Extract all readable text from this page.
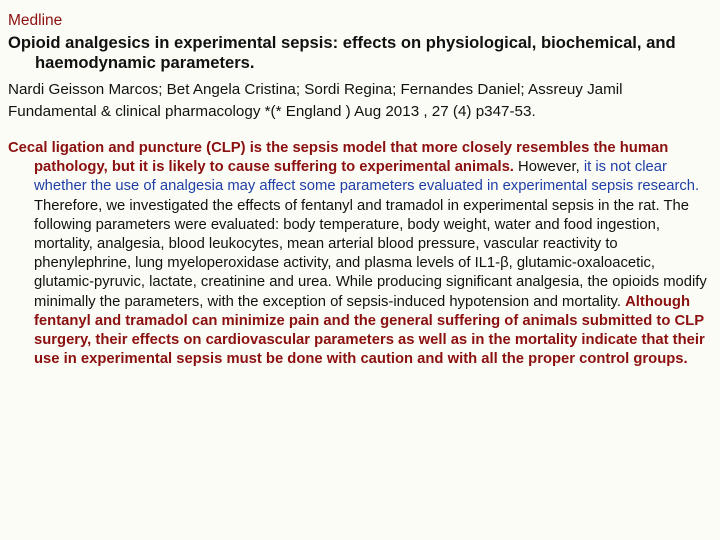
Medline

Opioid analgesics in experimental sepsis: effects on physiological, biochemical, and haemodynamic parameters.

Nardi Geisson Marcos; Bet Angela Cristina; Sordi Regina; Fernandes Daniel; Assreuy Jamil

Fundamental & clinical pharmacology *(* England ) Aug 2013 , 27 (4) p347-53.

Cecal ligation and puncture (CLP) is the sepsis model that more closely resembles the human pathology, but it is likely to cause suffering to experimental animals. However, it is not clear whether the use of analgesia may affect some parameters evaluated in experimental sepsis research. Therefore, we investigated the effects of fentanyl and tramadol in experimental sepsis in the rat. The following parameters were evaluated: body temperature, body weight, water and food ingestion, mortality, analgesia, blood leukocytes, mean arterial blood pressure, vascular reactivity to phenylephrine, lung myeloperoxidase activity, and plasma levels of IL1-β, glutamic-oxaloacetic, glutamic-pyruvic, lactate, creatinine and urea. While producing significant analgesia, the opioids modify minimally the parameters, with the exception of sepsis-induced hypotension and mortality. Although fentanyl and tramadol can minimize pain and the general suffering of animals submitted to CLP surgery, their effects on cardiovascular parameters as well as in the mortality indicate that their use in experimental sepsis must be done with caution and with all the proper control groups.
